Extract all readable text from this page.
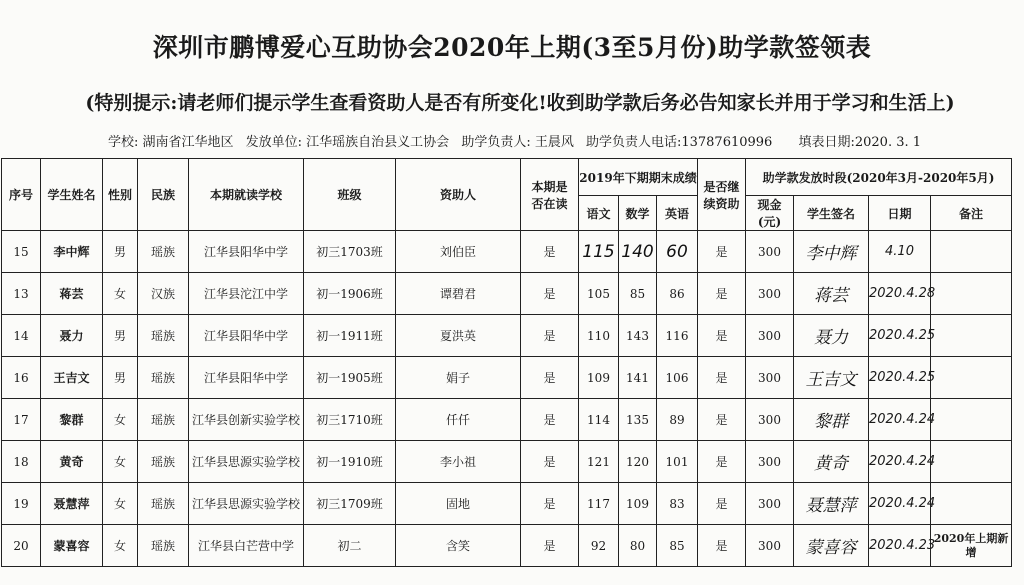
深圳市鹏博爱心互助协会2020年上期(3至5月份)助学款签领表
(特别提示:请老师们提示学生查看资助人是否有所变化!收到助学款后务必告知家长并用于学习和生活上)
学校: 湖南省江华地区 发放单位: 江华瑶族自治县义工协会 助学负责人: 王晨风 助学负责人电话:13787610996 填表日期:2020. 3. 1
序号	学生姓名	性别	民族	本期就读学校	班级	资助人	本期是否在读	2019年下期期末成绩			是否继续资助	助学款发放时段(2020年3月-2020年5月)			
								语文	数学	英语		现金(元)	学生签名	日期	备注
15	李中辉	男	瑶族	江华县阳华中学	初三1703班	刘伯臣	是	115	140	60	是	300	李中辉	4.10	
13	蒋芸	女	汉族	江华县沱江中学	初一1906班	谭碧君	是	105	85	86	是	300	蒋芸	2020.4.28	
14	聂力	男	瑶族	江华县阳华中学	初一1911班	夏洪英	是	110	143	116	是	300	聂力	2020.4.25	
16	王吉文	男	瑶族	江华县阳华中学	初一1905班	娟子	是	109	141	106	是	300	王吉文	2020.4.25	
17	黎群	女	瑶族	江华县创新实验学校	初三1710班	仟仟	是	114	135	89	是	300	黎群	2020.4.24	
18	黄奇	女	瑶族	江华县思源实验学校	初一1910班	李小祖	是	121	120	101	是	300	黄奇	2020.4.24	
19	聂慧萍	女	瑶族	江华县思源实验学校	初三1709班	固地	是	117	109	83	是	300	聂慧萍	2020.4.24	
20	蒙喜容	女	瑶族	江华县白芒营中学	初二	含笑	是	92	80	85	是	300	蒙喜容	2020.4.23	2020年上期新增
